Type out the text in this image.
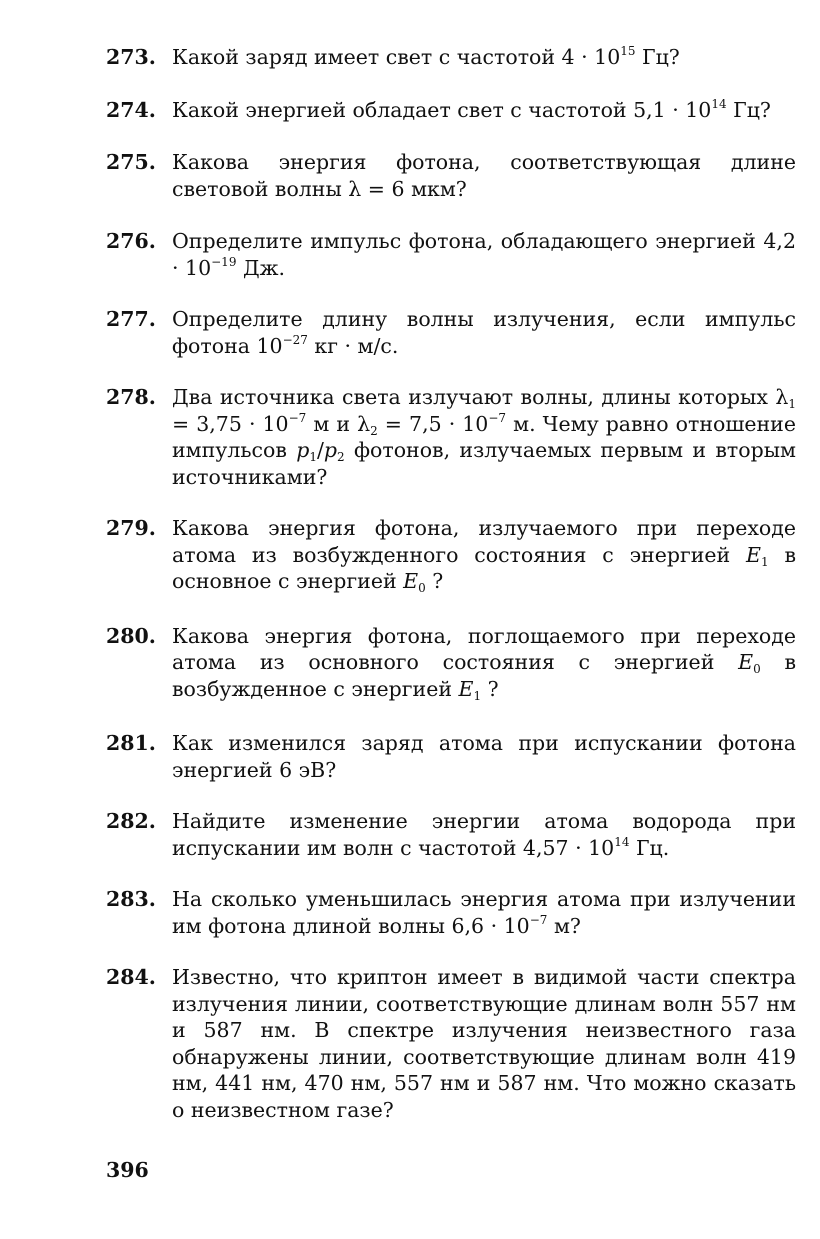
273. Какой заряд имеет свет с частотой $4 \cdot 10^{15}$ Гц?
274. Какой энергией обладает свет с частотой $5,1 \cdot 10^{14}$ Гц?
275. Какова энергия фотона, соответствующая длине световой волны λ = 6 мкм?
276. Определите импульс фотона, обладающего энергией $4,2 \cdot 10^{-19}$ Дж.
277. Определите длину волны излучения, если импульс фотона $10^{-27}$ кг · м/с.
278. Два источника света излучают волны, длины которых $\lambda_1 = 3,75 \cdot 10^{-7}$ м и $\lambda_2 = 7,5 \cdot 10^{-7}$ м. Чему равно отношение импульсов $p_1/p_2$ фотонов, излучаемых первым и вторым источниками?
279. Какова энергия фотона, излучаемого при переходе атома из возбужденного состояния с энергией $E_1$ в основное с энергией $E_0$ ?
280. Какова энергия фотона, поглощаемого при переходе атома из основного состояния с энергией $E_0$ в возбужденное с энергией $E_1$ ?
281. Как изменился заряд атома при испускании фотона энергией 6 эВ?
282. Найдите изменение энергии атома водорода при испускании им волн с частотой $4,57 \cdot 10^{14}$ Гц.
283. На сколько уменьшилась энергия атома при излучении им фотона длиной волны $6,6 \cdot 10^{-7}$ м?
284. Известно, что криптон имеет в видимой части спектра излучения линии, соответствующие длинам волн 557 нм и 587 нм. В спектре излучения неизвестного газа обнаружены линии, соответствующие длинам волн 419 нм, 441 нм, 470 нм, 557 нм и 587 нм. Что можно сказать о неизвестном газе?
396
